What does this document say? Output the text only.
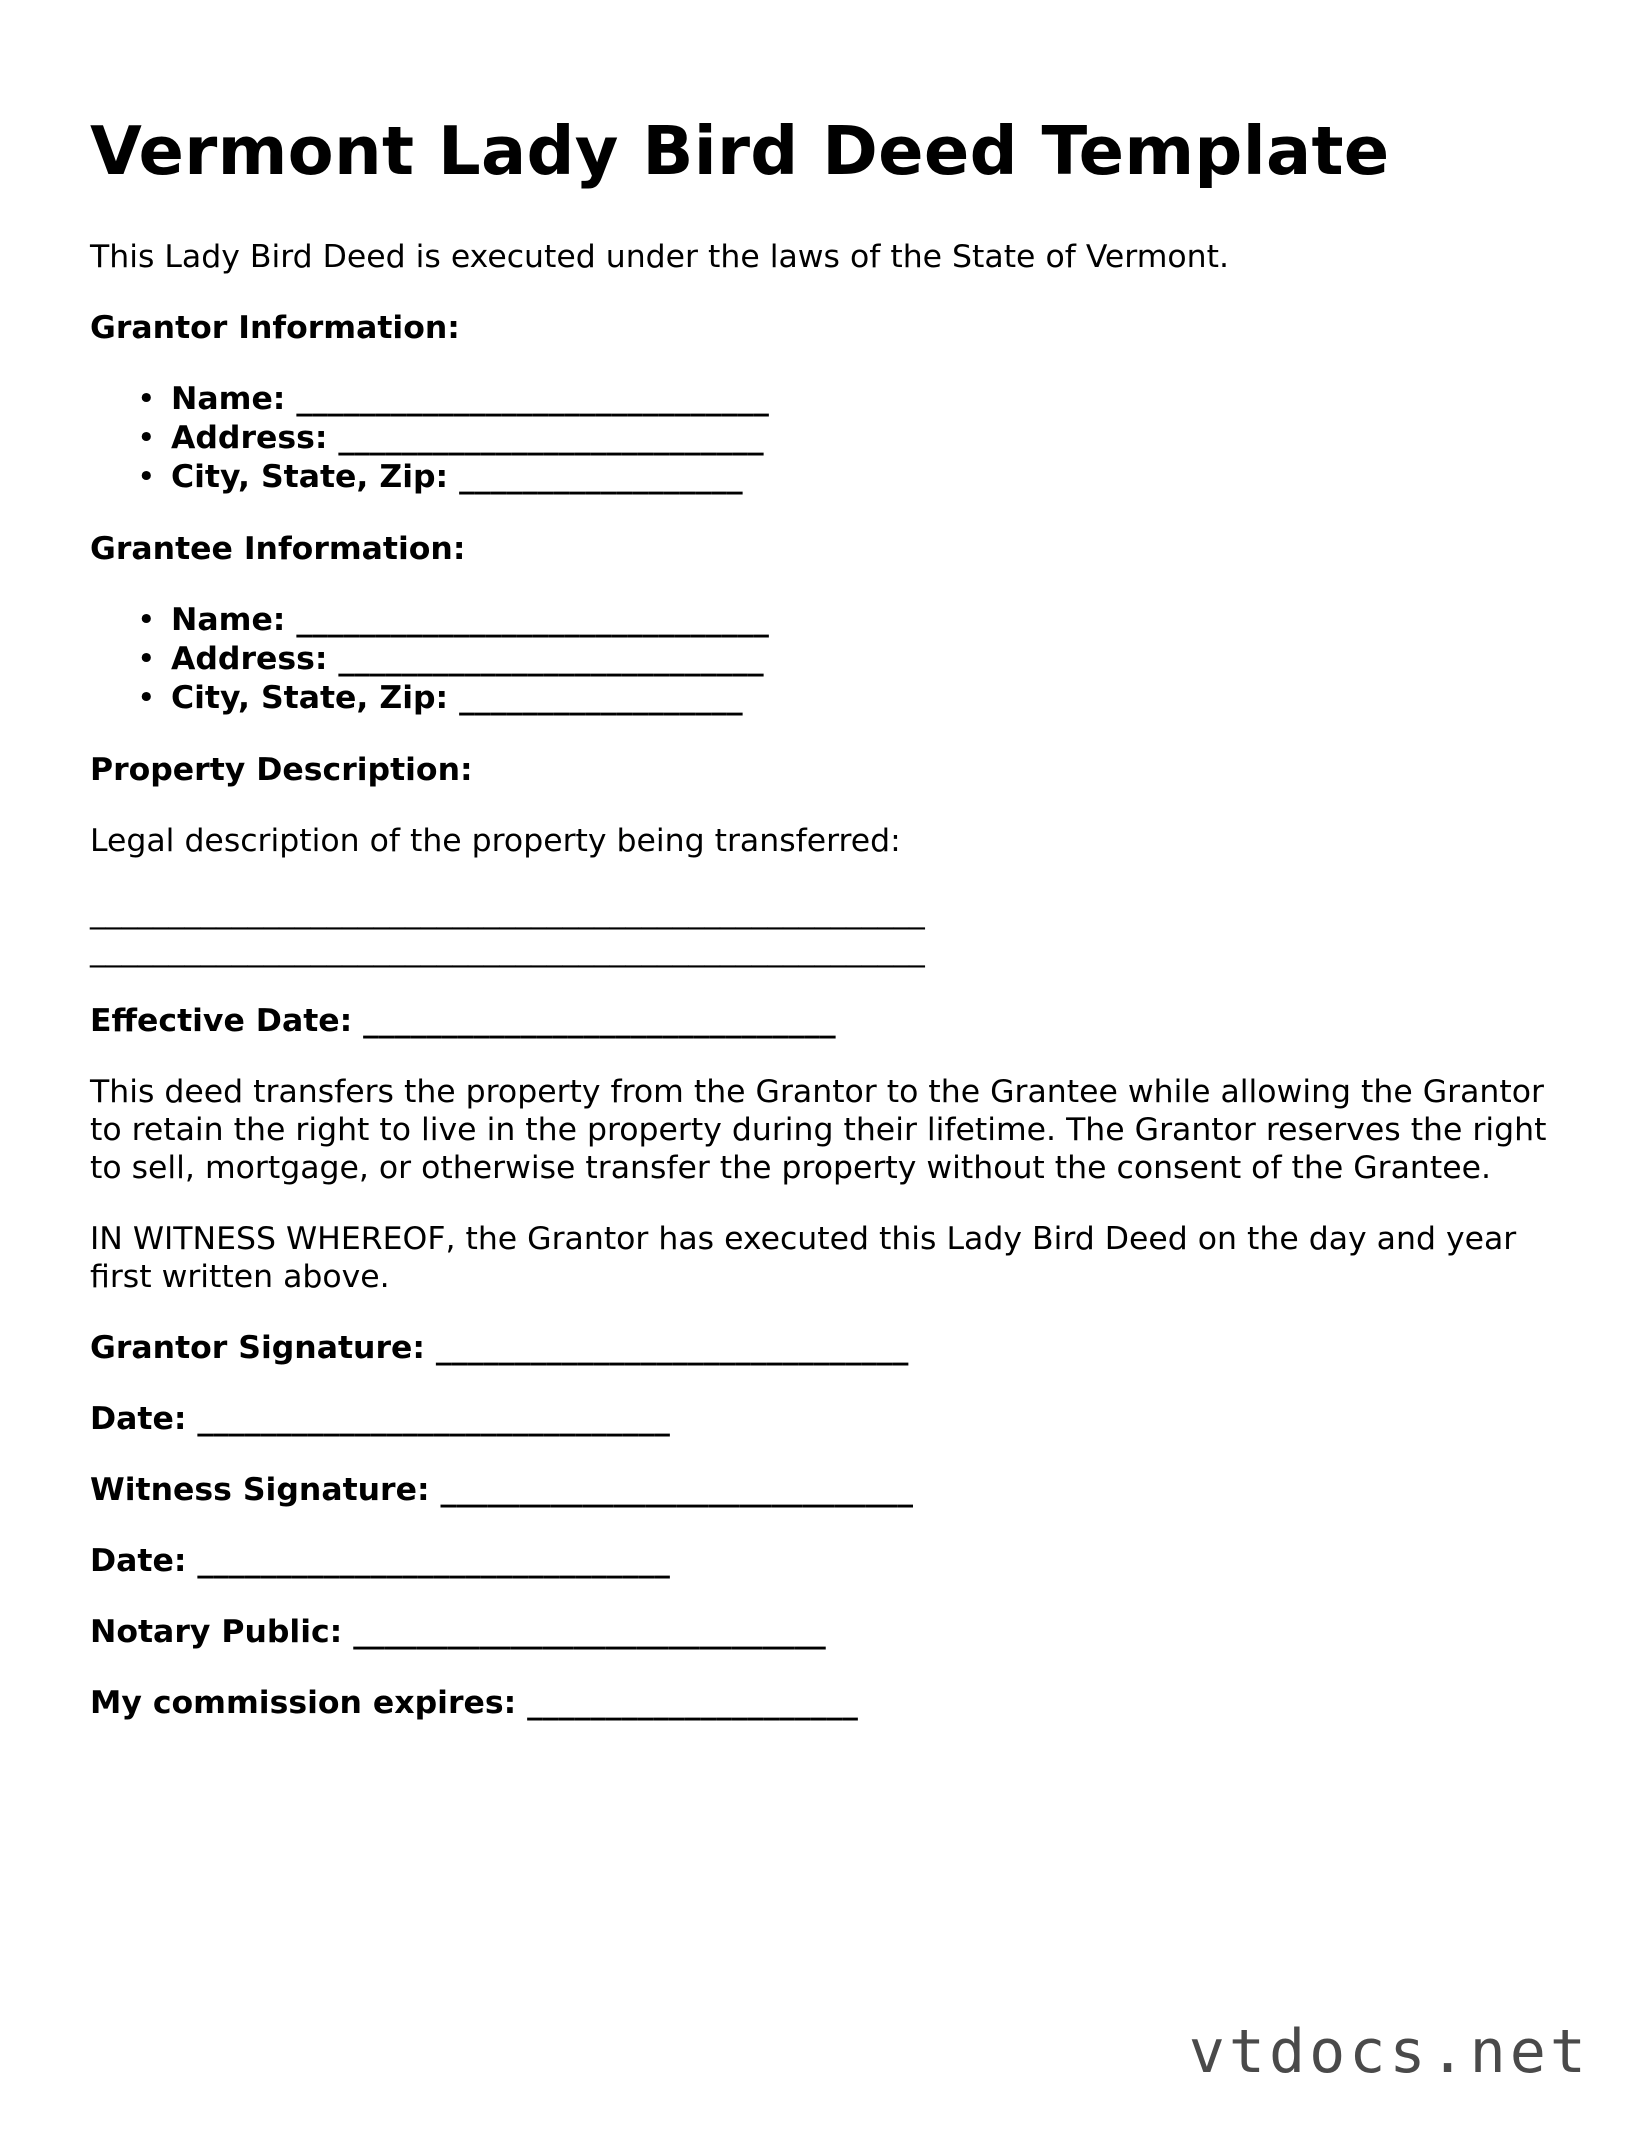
Vermont Lady Bird Deed Template

This Lady Bird Deed is executed under the laws of the State of Vermont.

Grantor Information:

• Name: ______________________________
• Address: ___________________________
• City, State, Zip: __________________

Grantee Information:

• Name: ______________________________
• Address: ___________________________
• City, State, Zip: __________________

Property Description:

Legal description of the property being transferred:

_____________________________________________________

_____________________________________________________

Effective Date: ______________________________

This deed transfers the property from the Grantor to the Grantee while allowing the Grantor to retain the right to live in the property during their lifetime. The Grantor reserves the right to sell, mortgage, or otherwise transfer the property without the consent of the Grantee.

IN WITNESS WHEREOF, the Grantor has executed this Lady Bird Deed on the day and year first written above.

Grantor Signature: ______________________________

Date: ______________________________

Witness Signature: ______________________________

Date: ______________________________

Notary Public: ______________________________

My commission expires: _____________________

vtdocs.net
